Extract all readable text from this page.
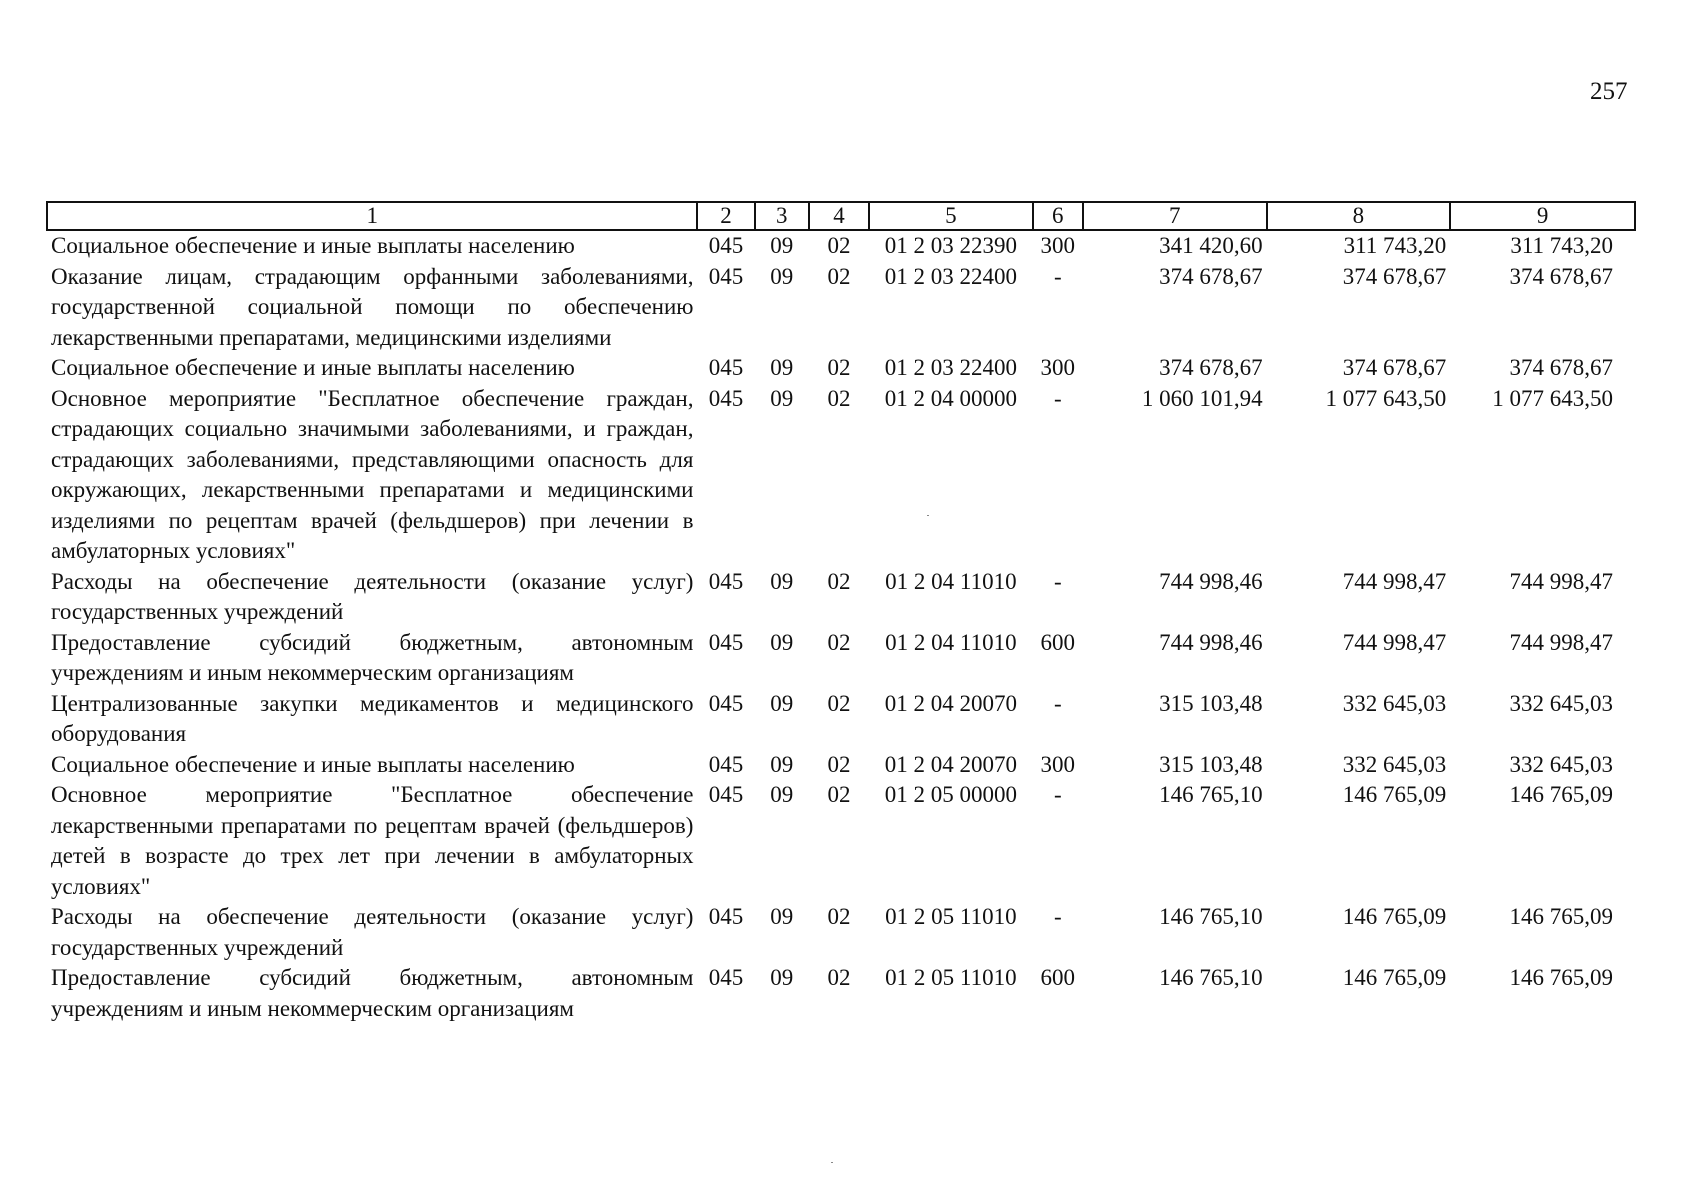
257
1	2	3	4	5	6	7	8	9
Социальное обеспечение и иные выплаты населению	045	09	02	01 2 03 22390	300	341 420,60	311 743,20	311 743,20
Оказание лицам, страдающим орфанными заболеваниями, государственной социальной помощи по обеспечению лекарственными препаратами, медицинскими изделиями	045	09	02	01 2 03 22400	-	374 678,67	374 678,67	374 678,67
Социальное обеспечение и иные выплаты населению	045	09	02	01 2 03 22400	300	374 678,67	374 678,67	374 678,67
Основное мероприятие "Бесплатное обеспечение граждан, страдающих социально значимыми заболеваниями, и граждан, страдающих заболеваниями, представляющими опасность для окружающих, лекарственными препаратами и медицинскими изделиями по рецептам врачей (фельдшеров) при лечении в амбулаторных условиях"	045	09	02	01 2 04 00000	-	1 060 101,94	1 077 643,50	1 077 643,50
Расходы на обеспечение деятельности (оказание услуг) государственных учреждений	045	09	02	01 2 04 11010	-	744 998,46	744 998,47	744 998,47
Предоставление субсидий бюджетным, автономным учреждениям и иным некоммерческим организациям	045	09	02	01 2 04 11010	600	744 998,46	744 998,47	744 998,47
Централизованные закупки медикаментов и медицинского оборудования	045	09	02	01 2 04 20070	-	315 103,48	332 645,03	332 645,03
Социальное обеспечение и иные выплаты населению	045	09	02	01 2 04 20070	300	315 103,48	332 645,03	332 645,03
Основное мероприятие "Бесплатное обеспечение лекарственными препаратами по рецептам врачей (фельдшеров) детей в возрасте до трех лет при лечении в амбулаторных условиях"	045	09	02	01 2 05 00000	-	146 765,10	146 765,09	146 765,09
Расходы на обеспечение деятельности (оказание услуг) государственных учреждений	045	09	02	01 2 05 11010	-	146 765,10	146 765,09	146 765,09
Предоставление субсидий бюджетным, автономным учреждениям и иным некоммерческим организациям	045	09	02	01 2 05 11010	600	146 765,10	146 765,09	146 765,09
